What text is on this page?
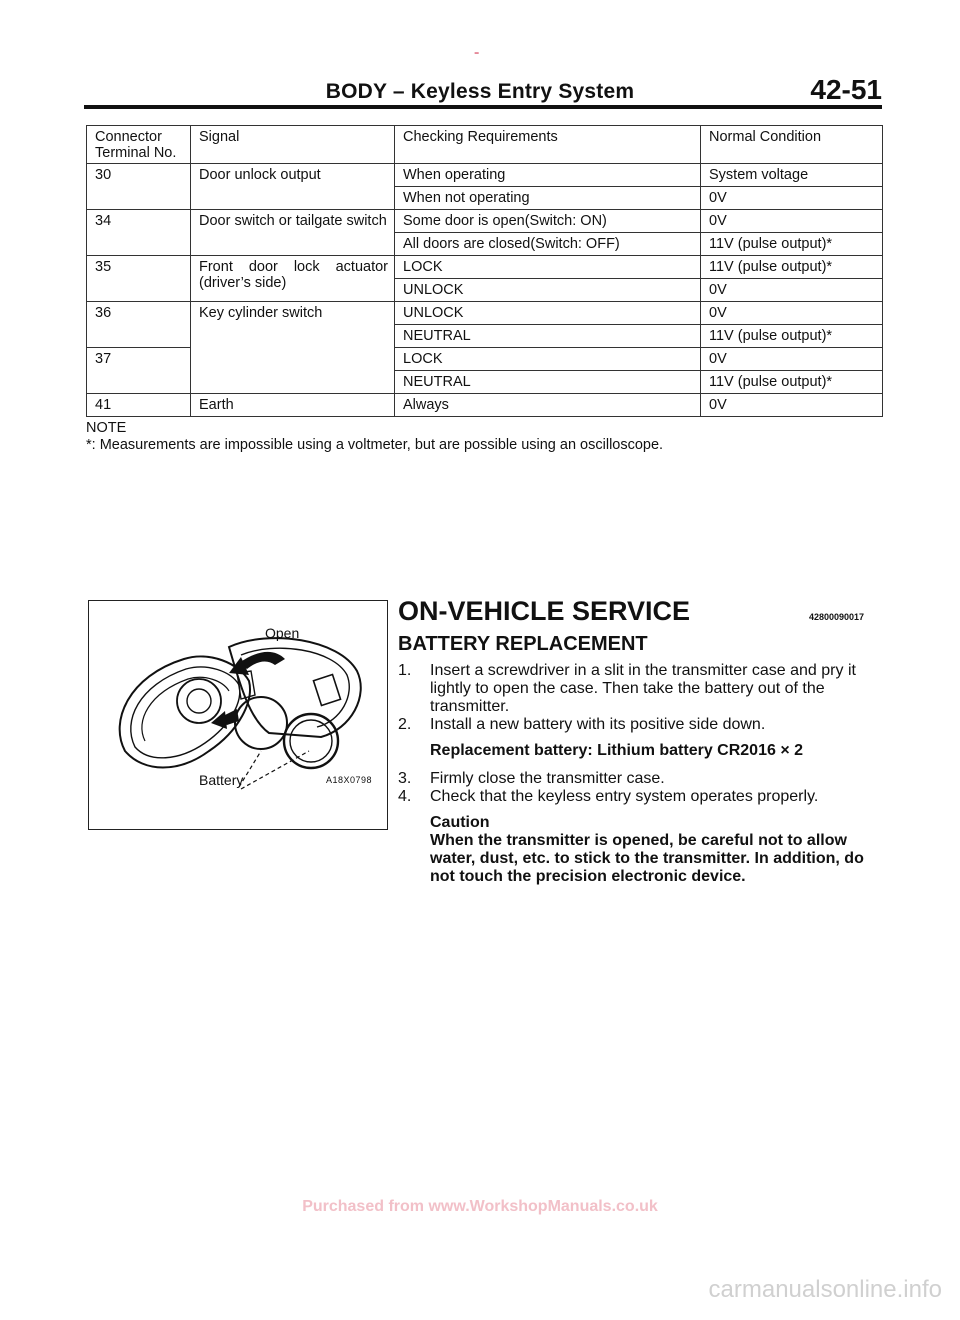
-
BODY – Keyless Entry System	42-51
Connector Terminal No.	Signal	Checking Requirements	Normal Condition
30	Door unlock output	When operating	System voltage
		When not operating	0V
34	Door switch or tailgate switch	Some door is open(Switch: ON)	0V
		All doors are closed(Switch: OFF)	11V (pulse output)*
35	Front door lock actuator (driver’s side)	LOCK	11V (pulse output)*
		UNLOCK	0V
36	Key cylinder switch	UNLOCK	0V
		NEUTRAL	11V (pulse output)*
37		LOCK	0V
		NEUTRAL	11V (pulse output)*
41	Earth	Always	0V
NOTE
*: Measurements are impossible using a voltmeter, but are possible using an oscilloscope.
Open
Battery	A18X0798
ON-VEHICLE SERVICE	42800090017
BATTERY REPLACEMENT
1. Insert a screwdriver in a slit in the transmitter case and pry it lightly to open the case. Then take the battery out of the transmitter.
2. Install a new battery with its positive side down.
Replacement battery: Lithium battery CR2016 × 2
3. Firmly close the transmitter case.
4. Check that the keyless entry system operates properly.
Caution
When the transmitter is opened, be careful not to allow water, dust, etc. to stick to the transmitter. In addition, do not touch the precision electronic device.
Purchased from www.WorkshopManuals.co.uk
carmanualsonline.info
